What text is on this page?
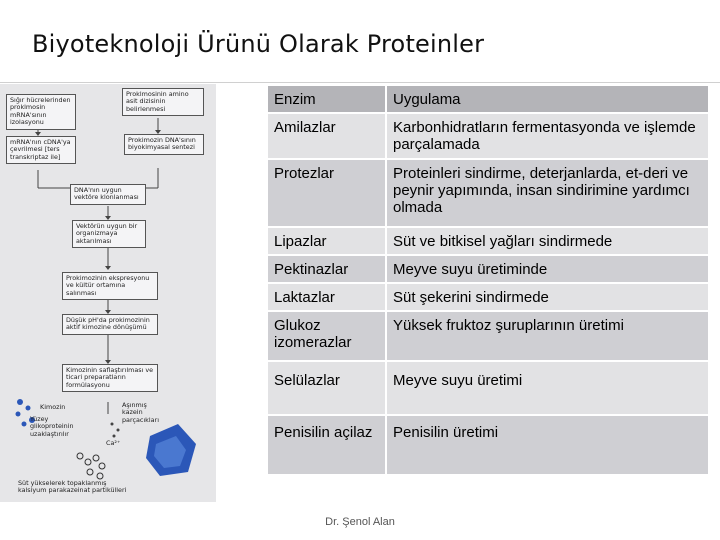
Biyoteknoloji Ürünü Olarak Proteinler
Sığır hücrelerinden proklmosin mRNA'sının izolasyonu
Proklmosinin amino asit dizisinin belirlenmesi
mRNA'nın cDNA'ya çevrilmesi [ters transkriptaz ile]
Prokimozin DNA'sının biyokimyasal sentezi
DNA'nın uygun vektöre klonlanması
Vektörün uygun bir organizmaya aktarılması
Prokimozinin ekspresyonu ve kültür ortamına salınması
Düşük pH'da prokimozinin aktif kimozine dönüşümü
Kimozinin saflaştırılması ve ticari preparatların formülasyonu
Kimozin
Yüzey glikoproteinin uzaklaştırılır
Aşınmış kazein parçacıkları
Ca²⁺
Süt yükselerek topaklanmış kalsiyum parakazeinat partikülleri
Enzim	Uygulama
Amilazlar	Karbonhidratların fermentasyonda ve işlemde parçalamada
Protezlar	Proteinleri sindirme, deterjanlarda, et-deri ve peynir yapımında, insan sindirimine yardımcı olmada
Lipazlar	Süt ve bitkisel yağları sindirmede
Pektinazlar	Meyve suyu üretiminde
Laktazlar	Süt şekerini sindirmede
Glukoz izomerazlar	Yüksek fruktoz şuruplarının üretimi
Selülazlar	Meyve suyu üretimi
Penisilin açilaz	Penisilin üretimi
Dr. Şenol Alan
